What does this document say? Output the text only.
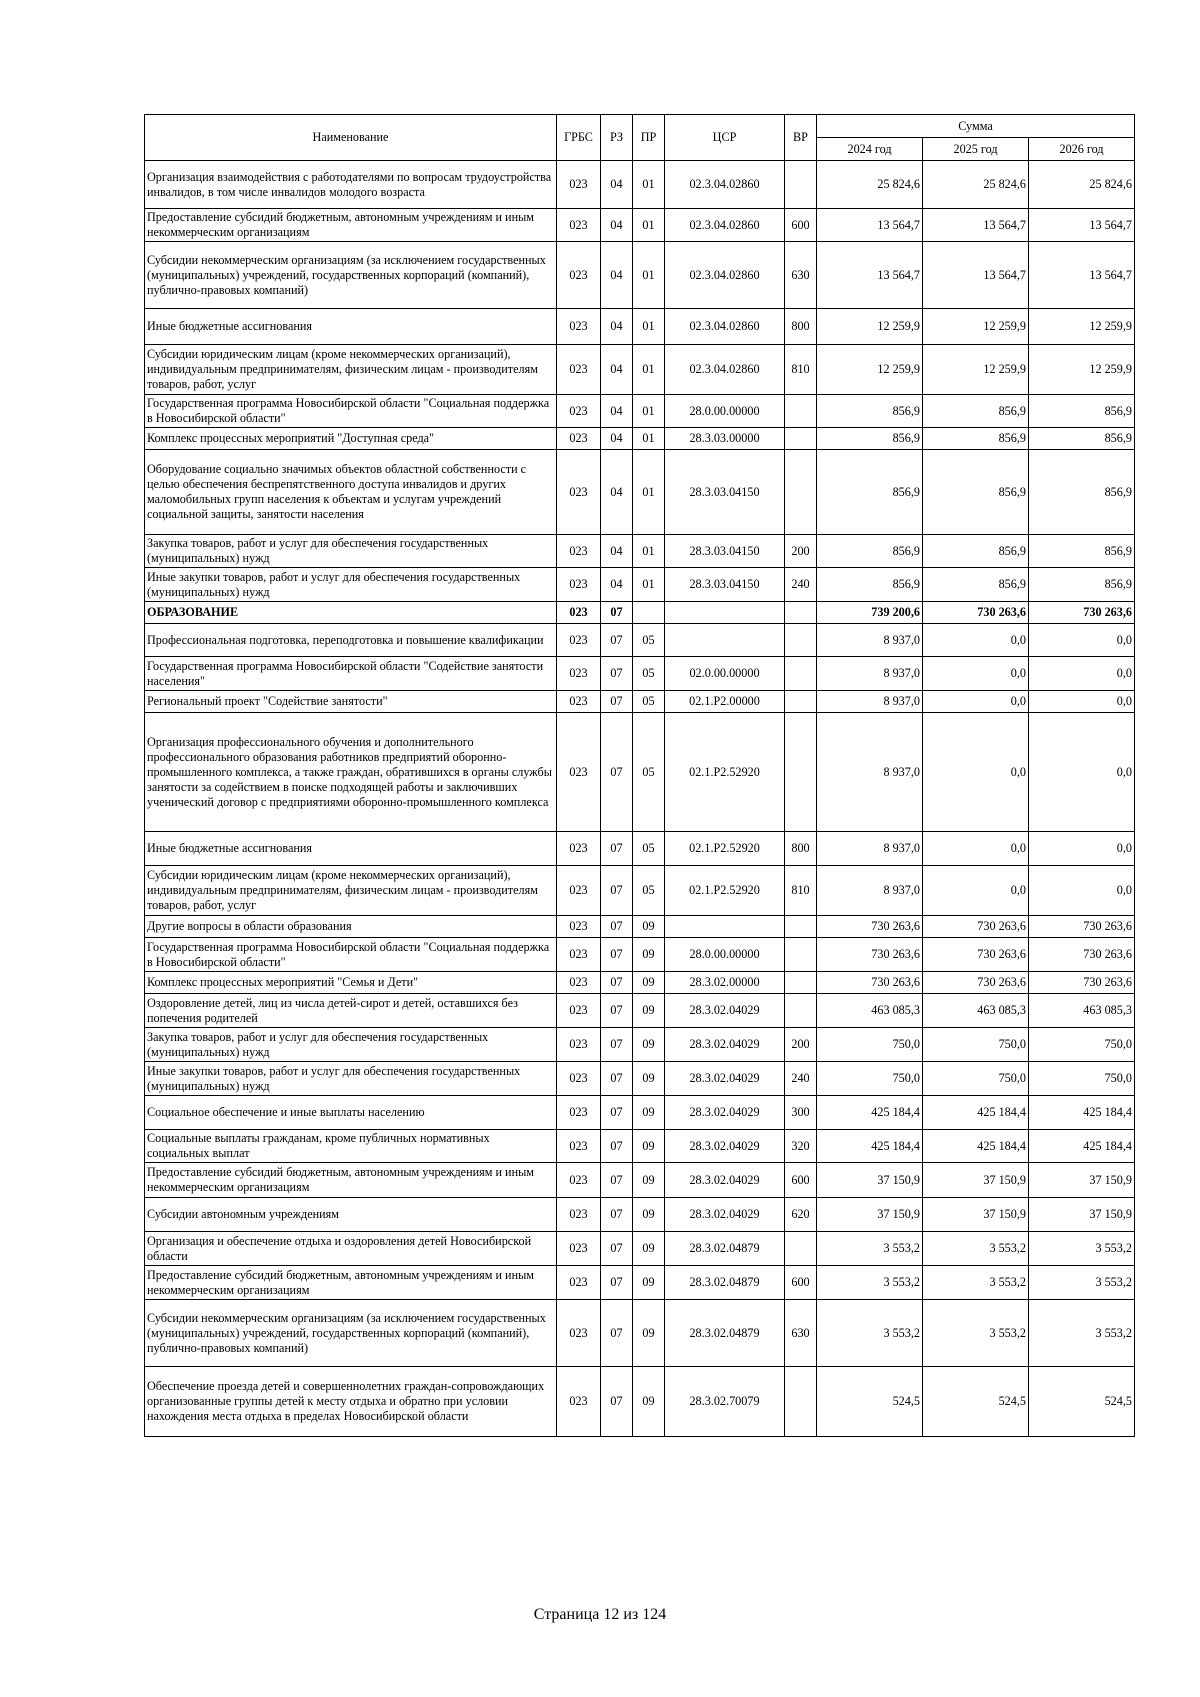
Наименование	ГРБС	РЗ	ПР	ЦСР	ВР	Сумма		
						2024 год	2025 год	2026 год
Организация взаимодействия с работодателями по вопросам трудоустройства инвалидов, в том числе инвалидов молодого возраста	023	04	01	02.3.04.02860		25 824,6	25 824,6	25 824,6
Предоставление субсидий бюджетным, автономным учреждениям и иным некоммерческим организациям	023	04	01	02.3.04.02860	600	13 564,7	13 564,7	13 564,7
Субсидии некоммерческим организациям (за исключением государственных (муниципальных) учреждений, государственных корпораций (компаний), публично-правовых компаний)	023	04	01	02.3.04.02860	630	13 564,7	13 564,7	13 564,7
Иные бюджетные ассигнования	023	04	01	02.3.04.02860	800	12 259,9	12 259,9	12 259,9
Субсидии юридическим лицам (кроме некоммерческих организаций), индивидуальным предпринимателям, физическим лицам - производителям товаров, работ, услуг	023	04	01	02.3.04.02860	810	12 259,9	12 259,9	12 259,9
Государственная программа Новосибирской области "Социальная поддержка в Новосибирской области"	023	04	01	28.0.00.00000		856,9	856,9	856,9
Комплекс процессных мероприятий "Доступная среда"	023	04	01	28.3.03.00000		856,9	856,9	856,9
Оборудование социально значимых объектов областной собственности с целью обеспечения беспрепятственного доступа инвалидов и других маломобильных групп населения к объектам и услугам учреждений социальной защиты, занятости населения	023	04	01	28.3.03.04150		856,9	856,9	856,9
Закупка товаров, работ и услуг для обеспечения государственных (муниципальных) нужд	023	04	01	28.3.03.04150	200	856,9	856,9	856,9
Иные закупки товаров, работ и услуг для обеспечения государственных (муниципальных) нужд	023	04	01	28.3.03.04150	240	856,9	856,9	856,9
ОБРАЗОВАНИЕ	023	07				739 200,6	730 263,6	730 263,6
Профессиональная подготовка, переподготовка и повышение квалификации	023	07	05			8 937,0	0,0	0,0
Государственная программа Новосибирской области "Содействие занятости населения"	023	07	05	02.0.00.00000		8 937,0	0,0	0,0
Региональный проект "Содействие занятости"	023	07	05	02.1.P2.00000		8 937,0	0,0	0,0
Организация профессионального обучения и дополнительного профессионального образования работников предприятий оборонно-промышленного комплекса, а также граждан, обратившихся в органы службы занятости за содействием в поиске подходящей работы и заключивших ученический договор с предприятиями оборонно-промышленного комплекса	023	07	05	02.1.P2.52920		8 937,0	0,0	0,0
Иные бюджетные ассигнования	023	07	05	02.1.P2.52920	800	8 937,0	0,0	0,0
Субсидии юридическим лицам (кроме некоммерческих организаций), индивидуальным предпринимателям, физическим лицам - производителям товаров, работ, услуг	023	07	05	02.1.P2.52920	810	8 937,0	0,0	0,0
Другие вопросы в области образования	023	07	09			730 263,6	730 263,6	730 263,6
Государственная программа Новосибирской области "Социальная поддержка в Новосибирской области"	023	07	09	28.0.00.00000		730 263,6	730 263,6	730 263,6
Комплекс процессных мероприятий "Семья и Дети"	023	07	09	28.3.02.00000		730 263,6	730 263,6	730 263,6
Оздоровление детей, лиц из числа детей-сирот и детей, оставшихся без попечения родителей	023	07	09	28.3.02.04029		463 085,3	463 085,3	463 085,3
Закупка товаров, работ и услуг для обеспечения государственных (муниципальных) нужд	023	07	09	28.3.02.04029	200	750,0	750,0	750,0
Иные закупки товаров, работ и услуг для обеспечения государственных (муниципальных) нужд	023	07	09	28.3.02.04029	240	750,0	750,0	750,0
Социальное обеспечение и иные выплаты населению	023	07	09	28.3.02.04029	300	425 184,4	425 184,4	425 184,4
Социальные выплаты гражданам, кроме публичных нормативных социальных выплат	023	07	09	28.3.02.04029	320	425 184,4	425 184,4	425 184,4
Предоставление субсидий бюджетным, автономным учреждениям и иным некоммерческим организациям	023	07	09	28.3.02.04029	600	37 150,9	37 150,9	37 150,9
Субсидии автономным учреждениям	023	07	09	28.3.02.04029	620	37 150,9	37 150,9	37 150,9
Организация и обеспечение отдыха и оздоровления детей Новосибирской области	023	07	09	28.3.02.04879		3 553,2	3 553,2	3 553,2
Предоставление субсидий бюджетным, автономным учреждениям и иным некоммерческим организациям	023	07	09	28.3.02.04879	600	3 553,2	3 553,2	3 553,2
Субсидии некоммерческим организациям (за исключением государственных (муниципальных) учреждений, государственных корпораций (компаний), публично-правовых компаний)	023	07	09	28.3.02.04879	630	3 553,2	3 553,2	3 553,2
Обеспечение проезда детей и совершеннолетних граждан-сопровождающих организованные группы детей к месту отдыха и обратно при условии нахождения места отдыха в пределах Новосибирской области	023	07	09	28.3.02.70079		524,5	524,5	524,5
Страница 12 из 124
